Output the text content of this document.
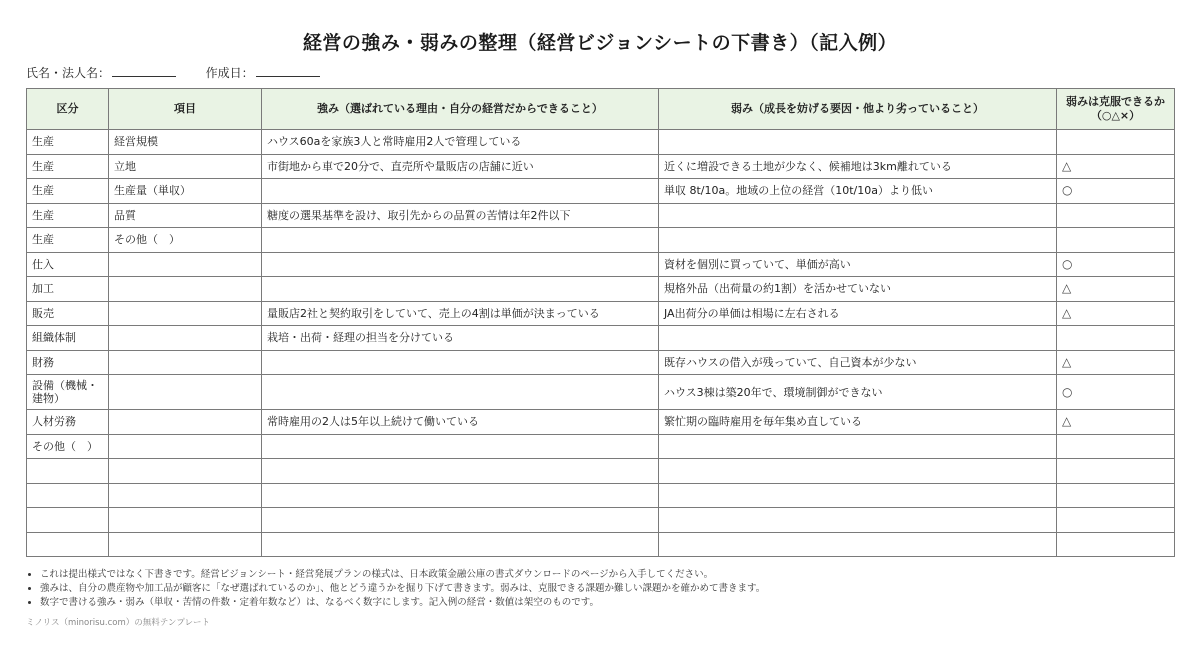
経営の強み・弱みの整理（経営ビジョンシートの下書き）（記入例）
氏名・法人名：	作成日：
区分	項目	強み（選ばれている理由・自分の経営だからできること）	弱み（成長を妨げる要因・他より劣っていること）	弱みは克服できるか（○△×）
生産	経営規模	ハウス60aを家族3人と常時雇用2人で管理している		
生産	立地	市街地から車で20分で、直売所や量販店の店舗に近い	近くに増設できる土地が少なく、候補地は3km離れている	△
生産	生産量（単収）		単収 8t/10a。地域の上位の経営（10t/10a）より低い	○
生産	品質	糖度の選果基準を設け、取引先からの品質の苦情は年2件以下		
生産	その他（　）			
仕入			資材を個別に買っていて、単価が高い	○
加工			規格外品（出荷量の約1割）を活かせていない	△
販売		量販店2社と契約取引をしていて、売上の4割は単価が決まっている	JA出荷分の単価は相場に左右される	△
組織体制		栽培・出荷・経理の担当を分けている		
財務			既存ハウスの借入が残っていて、自己資本が少ない	△
設備（機械・建物）			ハウス3棟は築20年で、環境制御ができない	○
人材労務		常時雇用の2人は5年以上続けて働いている	繁忙期の臨時雇用を毎年集め直している	△
その他（　）				

• これは提出様式ではなく下書きです。経営ビジョンシート・経営発展プランの様式は、日本政策金融公庫の書式ダウンロードのページから入手してください。
• 強みは、自分の農産物や加工品が顧客に「なぜ選ばれているのか」、他とどう違うかを掘り下げて書きます。弱みは、克服できる課題か難しい課題かを確かめて書きます。
• 数字で書ける強み・弱み（単収・苦情の件数・定着年数など）は、なるべく数字にします。記入例の経営・数値は架空のものです。
ミノリス（minorisu.com）の無料テンプレート
